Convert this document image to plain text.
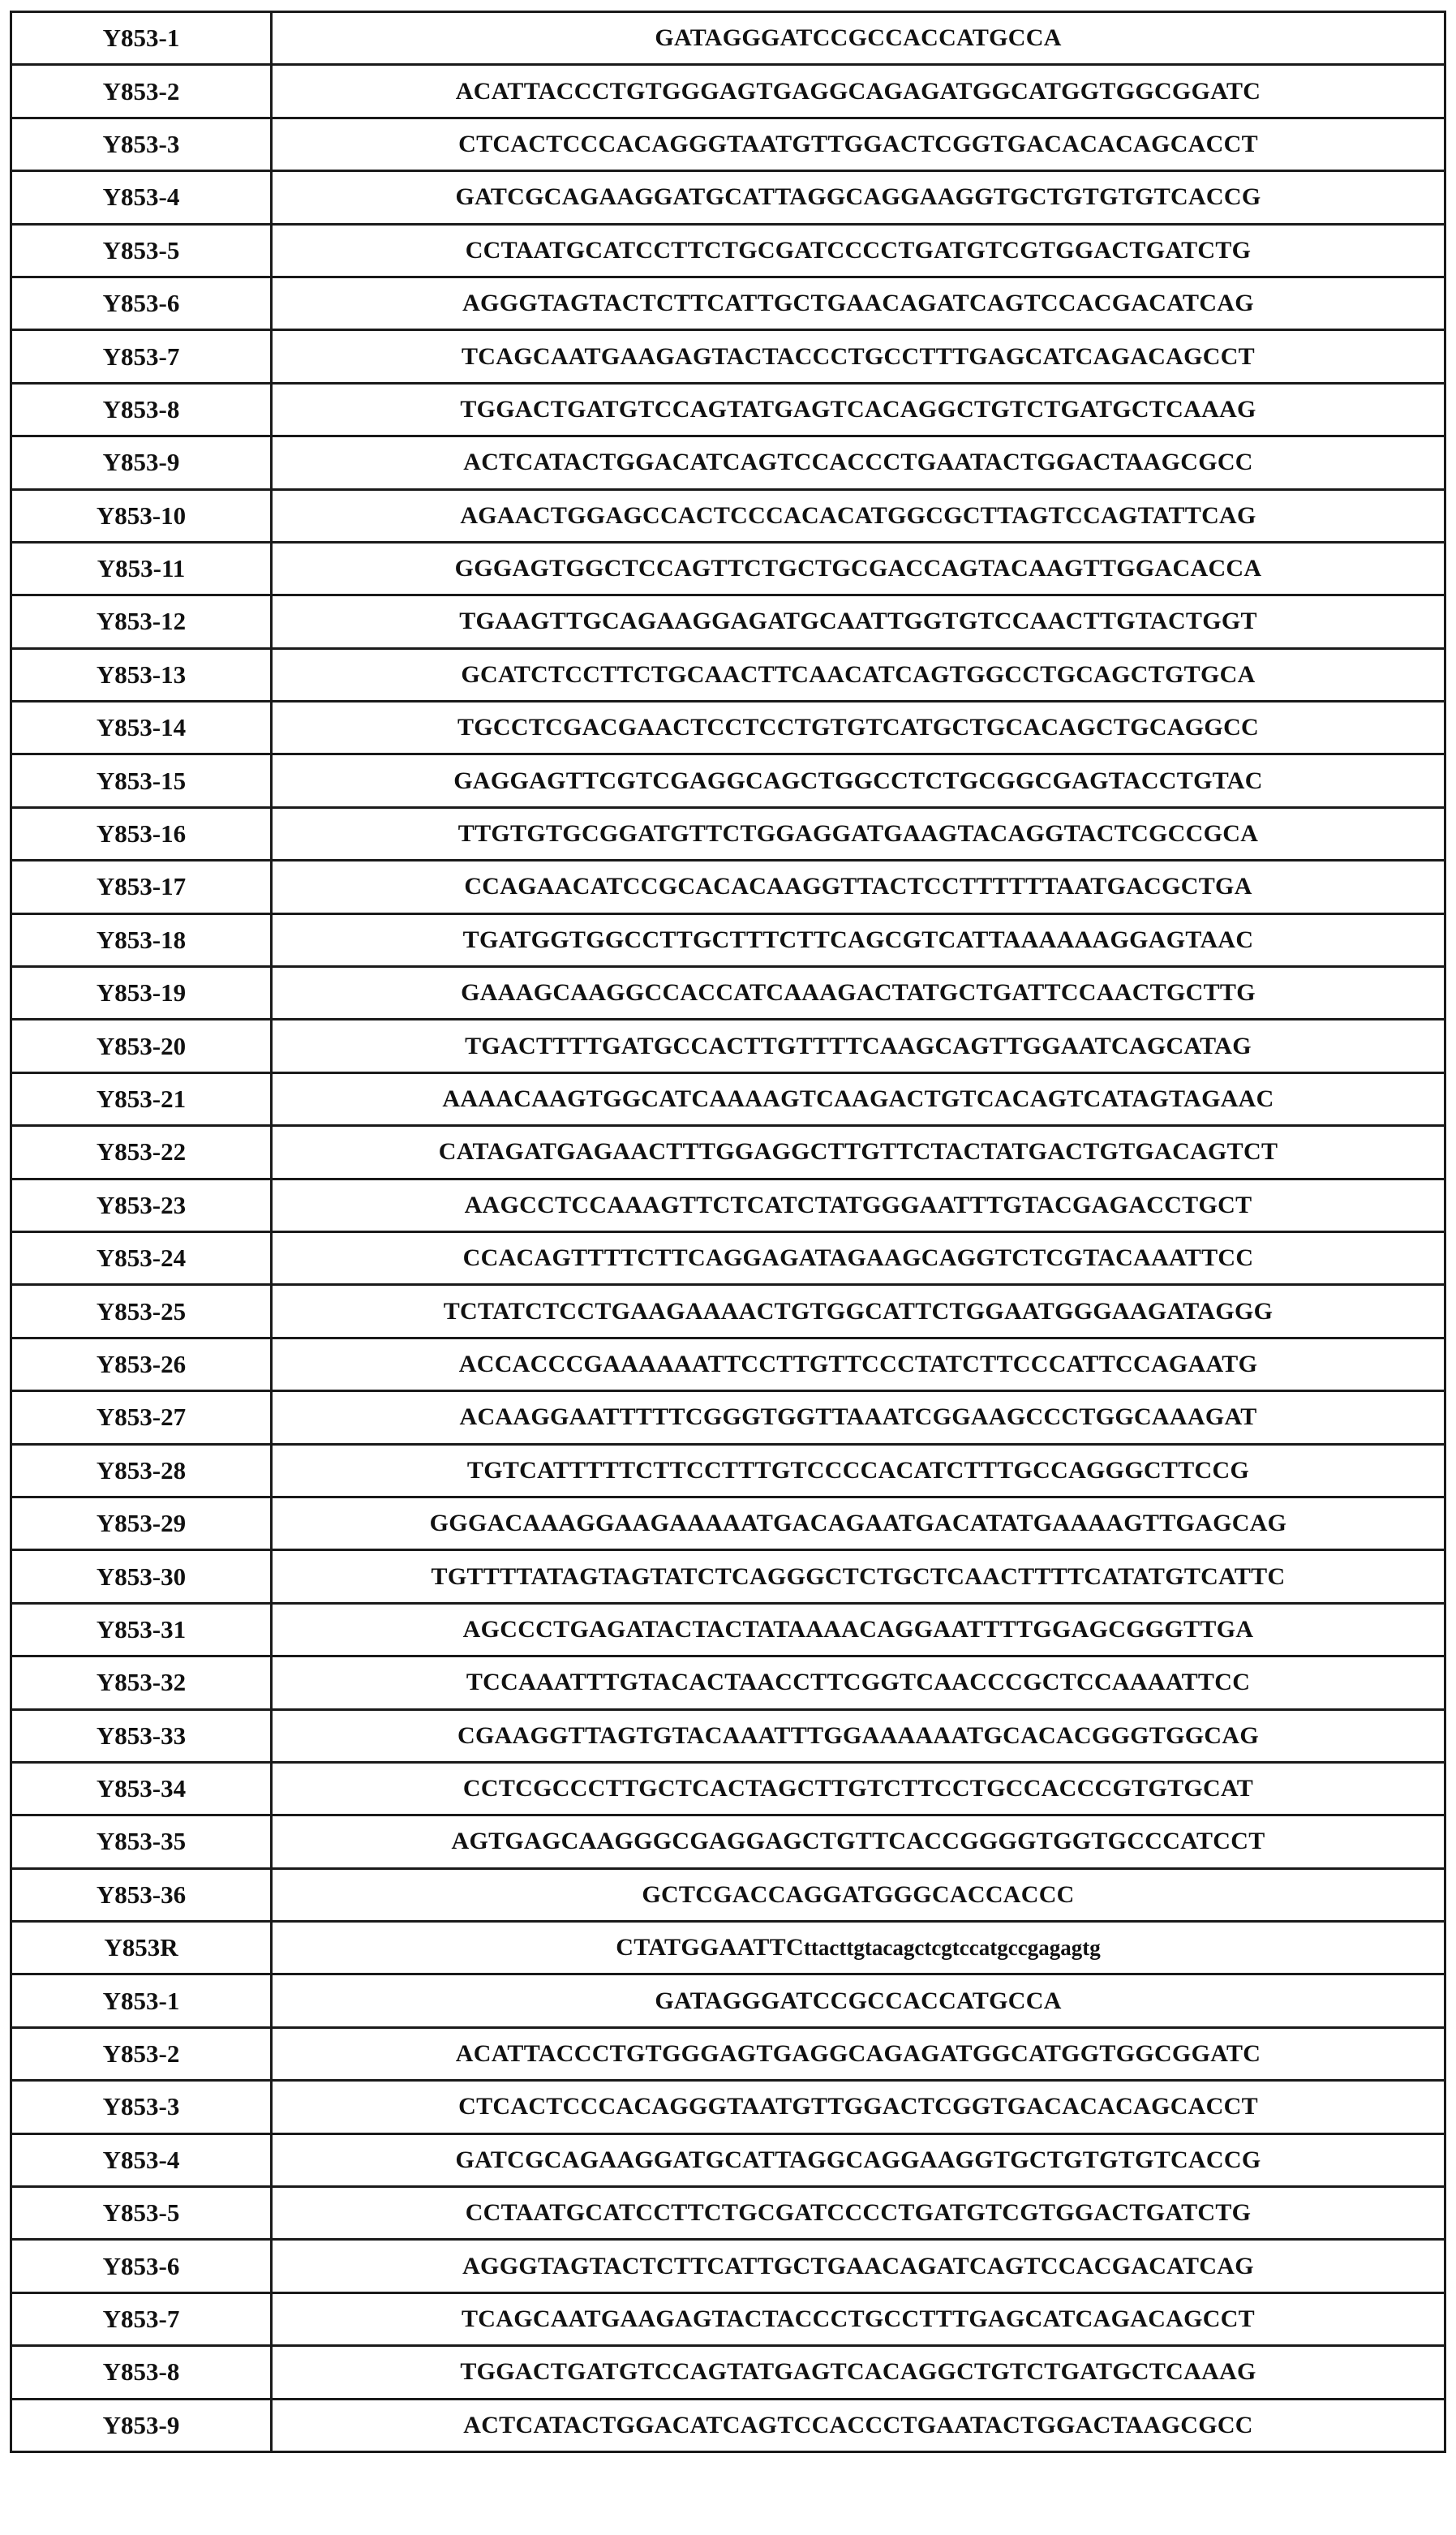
Y853-1	GATAGGGATCCGCCACCATGCCA
Y853-2	ACATTACCCTGTGGGAGTGAGGCAGAGATGGCATGGTGGCGGATC
Y853-3	CTCACTCCCACAGGGTAATGTTGGACTCGGTGACACACAGCACCT
Y853-4	GATCGCAGAAGGATGCATTAGGCAGGAAGGTGCTGTGTGTCACCG
Y853-5	CCTAATGCATCCTTCTGCGATCCCCTGATGTCGTGGACTGATCTG
Y853-6	AGGGTAGTACTCTTCATTGCTGAACAGATCAGTCCACGACATCAG
Y853-7	TCAGCAATGAAGAGTACTACCCTGCCTTTGAGCATCAGACAGCCT
Y853-8	TGGACTGATGTCCAGTATGAGTCACAGGCTGTCTGATGCTCAAAG
Y853-9	ACTCATACTGGACATCAGTCCACCCTGAATACTGGACTAAGCGCC
Y853-10	AGAACTGGAGCCACTCCCACACATGGCGCTTAGTCCAGTATTCAG
Y853-11	GGGAGTGGCTCCAGTTCTGCTGCGACCAGTACAAGTTGGACACCA
Y853-12	TGAAGTTGCAGAAGGAGATGCAATTGGTGTCCAACTTGTACTGGT
Y853-13	GCATCTCCTTCTGCAACTTCAACATCAGTGGCCTGCAGCTGTGCA
Y853-14	TGCCTCGACGAACTCCTCCTGTGTCATGCTGCACAGCTGCAGGCC
Y853-15	GAGGAGTTCGTCGAGGCAGCTGGCCTCTGCGGCGAGTACCTGTAC
Y853-16	TTGTGTGCGGATGTTCTGGAGGATGAAGTACAGGTACTCGCCGCA
Y853-17	CCAGAACATCCGCACACAAGGTTACTCCTTTTTTAATGACGCTGA
Y853-18	TGATGGTGGCCTTGCTTTCTTCAGCGTCATTAAAAAAGGAGTAAC
Y853-19	GAAAGCAAGGCCACCATCAAAGACTATGCTGATTCCAACTGCTTG
Y853-20	TGACTTTTGATGCCACTTGTTTTCAAGCAGTTGGAATCAGCATAG
Y853-21	AAAACAAGTGGCATCAAAAGTCAAGACTGTCACAGTCATAGTAGAAC
Y853-22	CATAGATGAGAACTTTGGAGGCTTGTTCTACTATGACTGTGACAGTCT
Y853-23	AAGCCTCCAAAGTTCTCATCTATGGGAATTTGTACGAGACCTGCT
Y853-24	CCACAGTTTTCTTCAGGAGATAGAAGCAGGTCTCGTACAAATTCC
Y853-25	TCTATCTCCTGAAGAAAACTGTGGCATTCTGGAATGGGAAGATAGGG
Y853-26	ACCACCCGAAAAAATTCCTTGTTCCCTATCTTCCCATTCCAGAATG
Y853-27	ACAAGGAATTTTTCGGGTGGTTAAATCGGAAGCCCTGGCAAAGAT
Y853-28	TGTCATTTTTCTTCCTTTGTCCCCACATCTTTGCCAGGGCTTCCG
Y853-29	GGGACAAAGGAAGAAAAATGACAGAATGACATATGAAAAGTTGAGCAG
Y853-30	TGTTTTATAGTAGTATCTCAGGGCTCTGCTCAACTTTTCATATGTCATTC
Y853-31	AGCCCTGAGATACTACTATAAAACAGGAATTTTGGAGCGGGTTGA
Y853-32	TCCAAATTTGTACACTAACCTTCGGTCAACCCGCTCCAAAATTCC
Y853-33	CGAAGGTTAGTGTACAAATTTGGAAAAAATGCACACGGGTGGCAG
Y853-34	CCTCGCCCTTGCTCACTAGCTTGTCTTCCTGCCACCCGTGTGCAT
Y853-35	AGTGAGCAAGGGCGAGGAGCTGTTCACCGGGGTGGTGCCCATCCT
Y853-36	GCTCGACCAGGATGGGCACCACCC
Y853R	CTATGGAATTCttacttgtacagctcgtccatgccgagagtg
Y853-1	GATAGGGATCCGCCACCATGCCA
Y853-2	ACATTACCCTGTGGGAGTGAGGCAGAGATGGCATGGTGGCGGATC
Y853-3	CTCACTCCCACAGGGTAATGTTGGACTCGGTGACACACAGCACCT
Y853-4	GATCGCAGAAGGATGCATTAGGCAGGAAGGTGCTGTGTGTCACCG
Y853-5	CCTAATGCATCCTTCTGCGATCCCCTGATGTCGTGGACTGATCTG
Y853-6	AGGGTAGTACTCTTCATTGCTGAACAGATCAGTCCACGACATCAG
Y853-7	TCAGCAATGAAGAGTACTACCCTGCCTTTGAGCATCAGACAGCCT
Y853-8	TGGACTGATGTCCAGTATGAGTCACAGGCTGTCTGATGCTCAAAG
Y853-9	ACTCATACTGGACATCAGTCCACCCTGAATACTGGACTAAGCGCC
